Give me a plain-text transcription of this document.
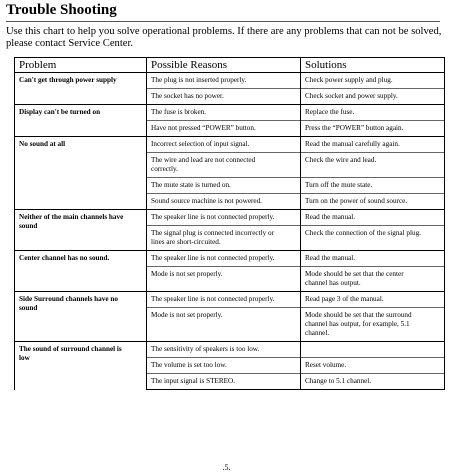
Trouble Shooting
Use this chart to help you solve operational problems. If there are any problems that can not be solved,
please contact Service Center.
Problem	Possible Reasons	Solutions

Can't get through power supply	The plug is not inserted properly.	Check power supply and plug.

	The socket has no power.	Check socket and power supply.

Display can't be turned on	The fuse is broken.	Replace the fuse.

	Have not pressed “POWER” button.	Press the “POWER” button again.

No sound at all	Incorrect selection of input signal.	Read the manual carefully again.

	The wire and lead are not connected
correctly.	Check the wire and lead.

	The mute state is turned on.	Turn off the mute state.

	Sound source machine is not powered.	Turn on the power of sound source.

Neither of the main channels have
sound	The speaker line is not connected properly.	Read the manual.

	The signal plug is connected incorrectly or
lines are short-circuited.	Check the connection of the signal plug.

Center channel has no sound.	The speaker line is not connected properly.	Read the manual.

	Mode is not set properly.	Mode should be set that the center
channel has output.

Side Surround channels have no
sound	The speaker line is not connected properly.	Read page 3 of the manual.

	Mode is not set properly.	Mode should be set that the surround
channel has output, for example, 5.1
channel.

The sound of surround channel is
low	The sensitivity of speakers is too low.	

	The volume is set too low.	Reset volume.

	The input signal is STEREO.	Change to 5.1 channel.
.5.
